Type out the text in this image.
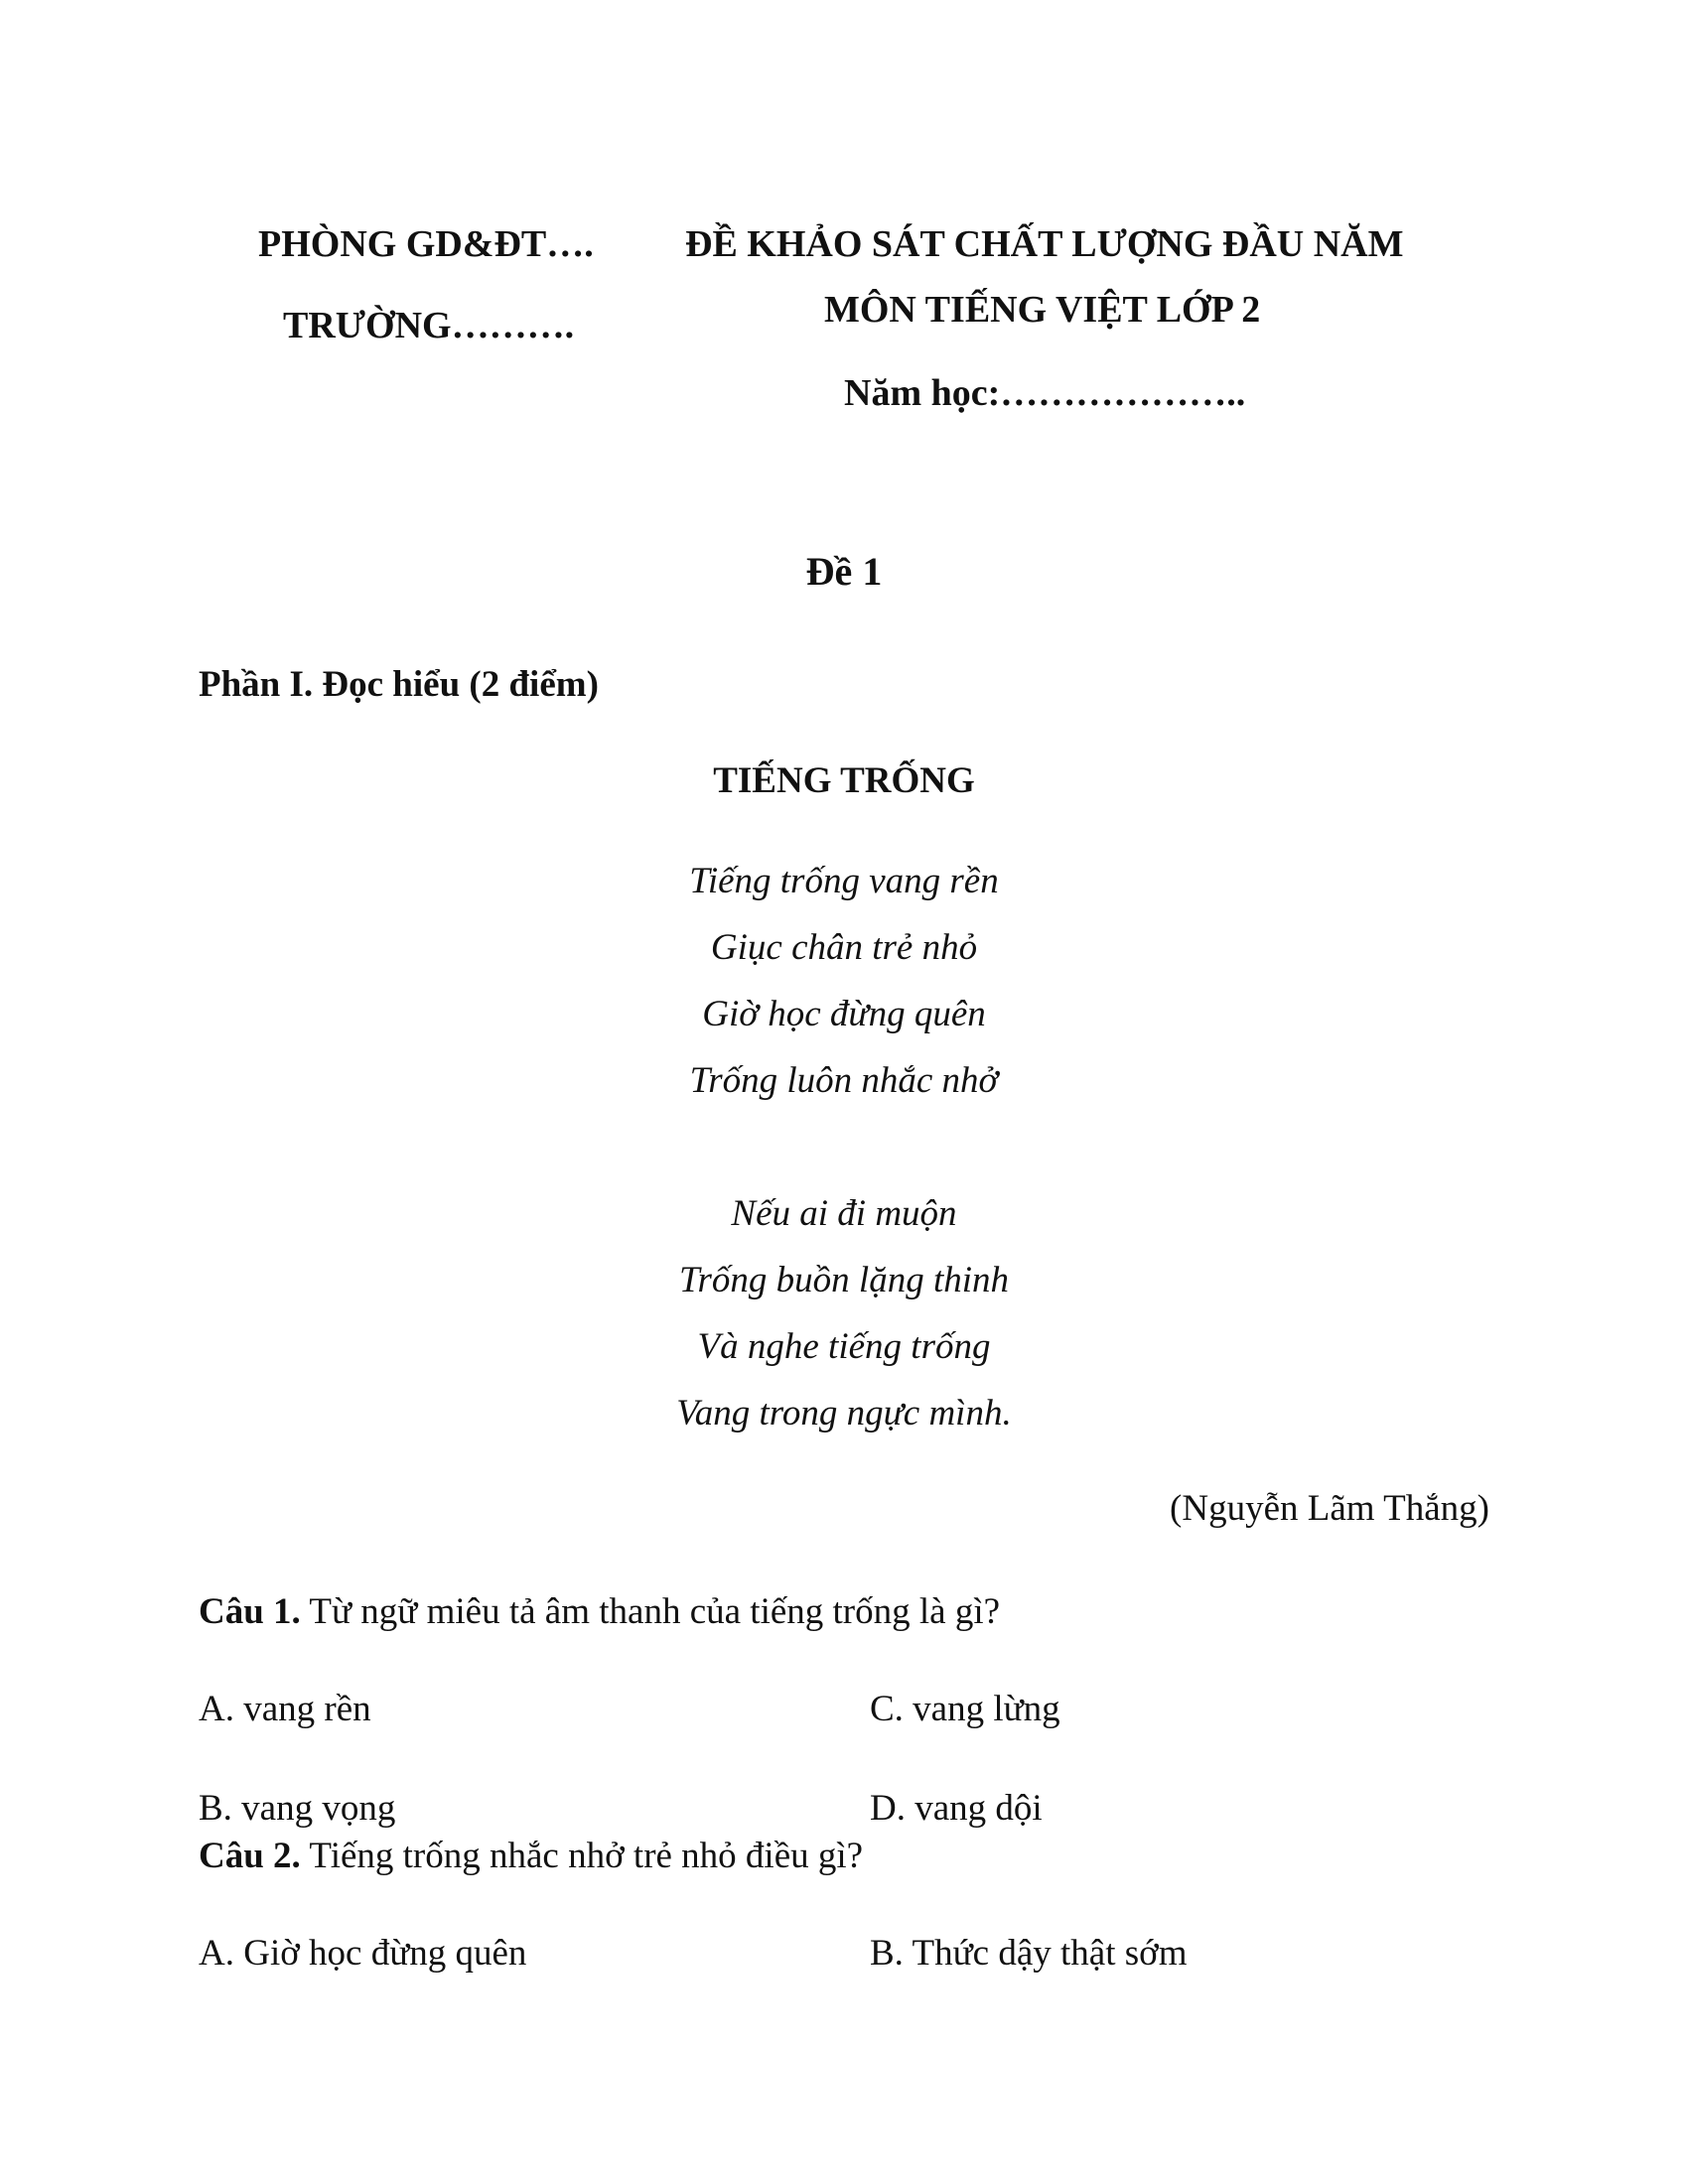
PHÒNG GD&ĐT….
TRƯỜNG……….
ĐỀ KHẢO SÁT CHẤT LƯỢNG ĐẦU NĂM
MÔN TIẾNG VIỆT LỚP 2
Năm học:………………..
Đề 1
Phần I. Đọc hiểu (2 điểm)
TIẾNG TRỐNG
Tiếng trống vang rền
Giục chân trẻ nhỏ
Giờ học đừng quên
Trống luôn nhắc nhở
Nếu ai đi muộn
Trống buồn lặng thinh
Và nghe tiếng trống
Vang trong ngực mình.
(Nguyễn Lãm Thắng)
Câu 1. Từ ngữ miêu tả âm thanh của tiếng trống là gì?
A. vang rền	C. vang lừng
B. vang vọng	D. vang dội
Câu 2. Tiếng trống nhắc nhở trẻ nhỏ điều gì?
A. Giờ học đừng quên	B. Thức dậy thật sớm
